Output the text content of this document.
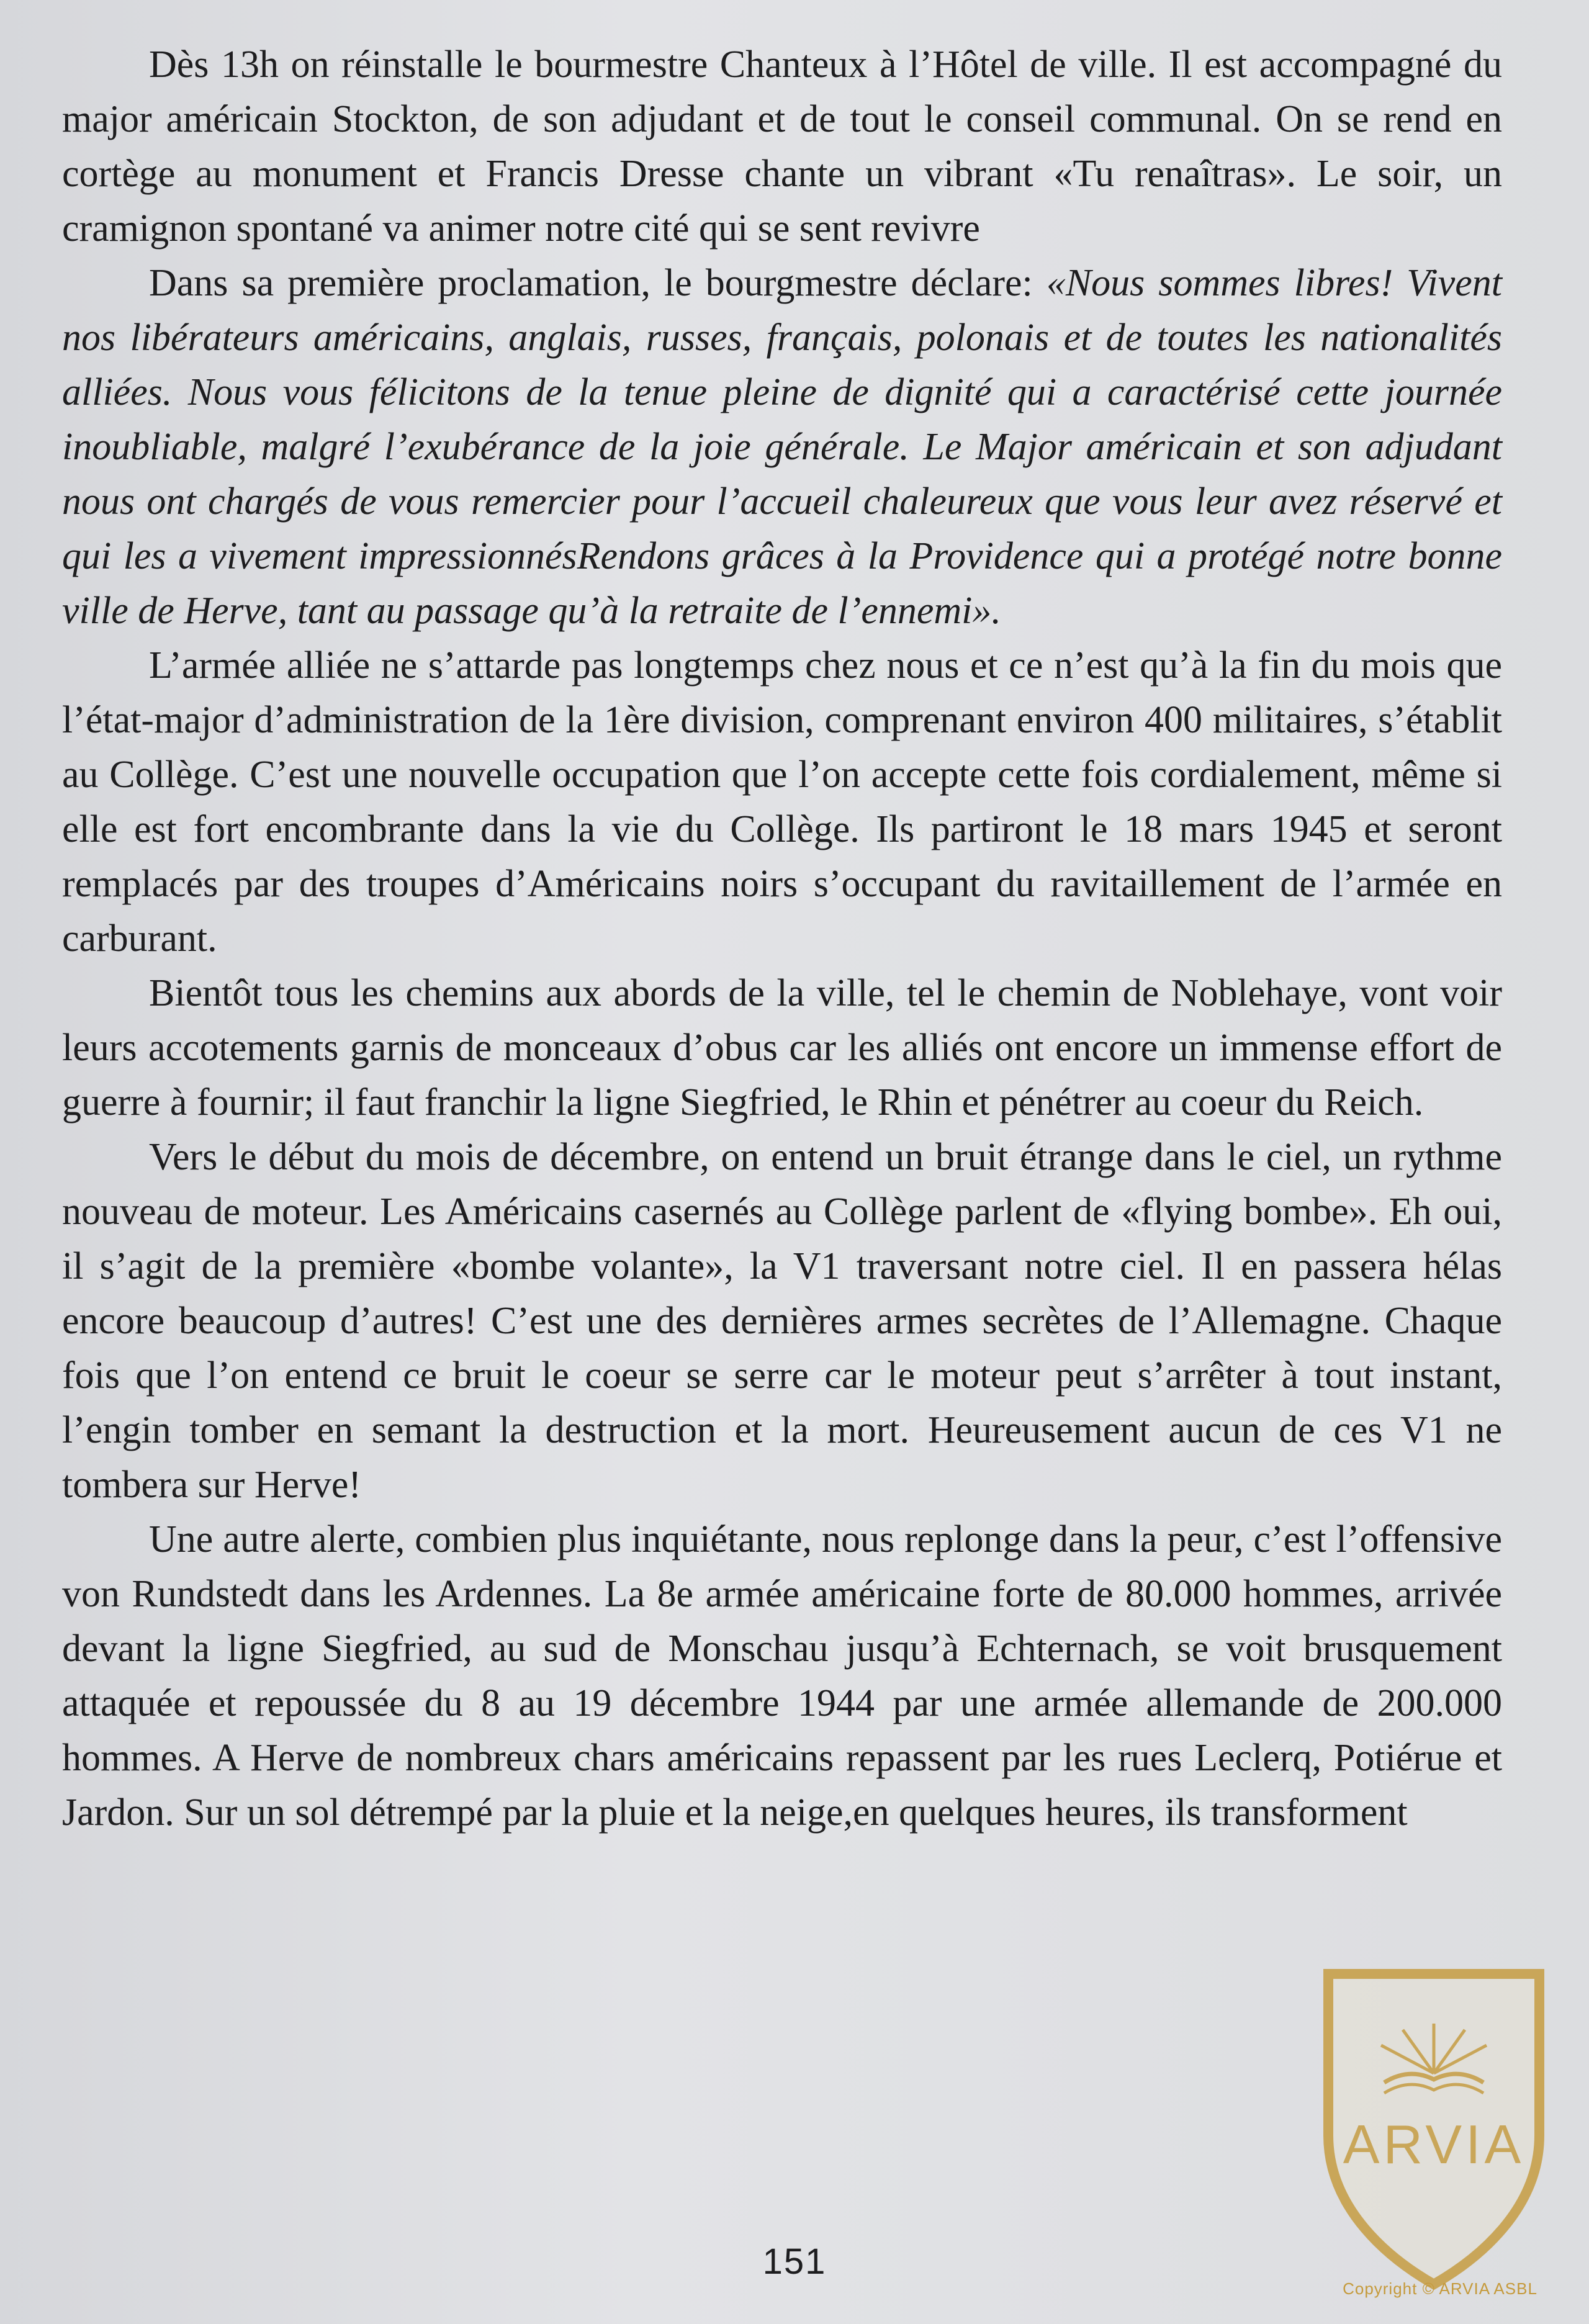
Dès 13h on réinstalle le bourmestre Chanteux à l’Hôtel de ville. Il est accompagné du major américain Stockton, de son adjudant et de tout le conseil communal. On se rend en cortège au monument et Francis Dresse chante un vibrant «Tu renaîtras». Le soir, un cramignon spontané va animer notre cité qui se sent revivre

Dans sa première proclamation, le bourgmestre déclare: «Nous sommes libres! Vivent nos libérateurs américains, anglais, russes, français, polonais et de toutes les nationalités alliées. Nous vous félicitons de la tenue pleine de dignité qui a caractérisé cette journée inoubliable, malgré l’exubérance de la joie générale. Le Major américain et son adjudant nous ont chargés de vous remercier pour l’accueil chaleureux que vous leur avez réservé et qui les a vivement impressionnésRendons grâces à la Providence qui a protégé notre bonne ville de Herve, tant au passage qu’à la retraite de l’ennemi».

L’armée alliée ne s’attarde pas longtemps chez nous et ce n’est qu’à la fin du mois que l’état-major d’administration de la 1ère division, comprenant environ 400 militaires, s’établit au Collège. C’est une nouvelle occupation que l’on accepte cette fois cordialement, même si elle est fort encombrante dans la vie du Collège. Ils partiront le 18 mars 1945 et seront remplacés par des troupes d’Américains noirs s’occupant du ravitaillement de l’armée en carburant.

Bientôt tous les chemins aux abords de la ville, tel le chemin de Noblehaye, vont voir leurs accotements garnis de monceaux d’obus car les alliés ont encore un immense effort de guerre à fournir; il faut franchir la ligne Siegfried, le Rhin et pénétrer au coeur du Reich.

Vers le début du mois de décembre, on entend un bruit étrange dans le ciel, un rythme nouveau de moteur. Les Américains casernés au Collège parlent de «flying bombe». Eh oui, il s’agit de la première «bombe volante», la V1 traversant notre ciel. Il en passera hélas encore beaucoup d’autres! C’est une des dernières armes secrètes de l’Allemagne. Chaque fois que l’on entend ce bruit le coeur se serre car le moteur peut s’arrêter à tout instant, l’engin tomber en semant la destruction et la mort. Heureusement aucun de ces V1 ne tombera sur Herve!

Une autre alerte, combien plus inquiétante, nous replonge dans la peur, c’est l’offensive von Rundstedt dans les Ardennes. La 8e armée américaine forte de 80.000 hommes, arrivée devant la ligne Siegfried, au sud de Monschau jusqu’à Echternach, se voit brusquement attaquée et repoussée du 8 au 19 décembre 1944 par une armée allemande de 200.000 hommes. A Herve de nombreux chars américains repassent par les rues Leclerq, Potiérue et Jardon. Sur un sol détrempé par la pluie et la neige,en quelques heures, ils transforment

151
ARVIA
Copyright © ARVIA ASBL
